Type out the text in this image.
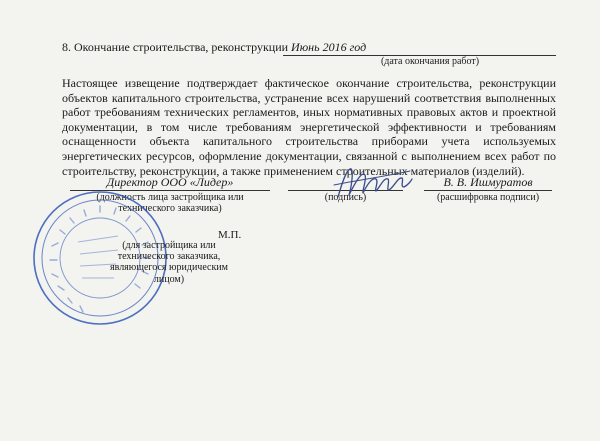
8. Окончание строительства, реконструкции Июнь 2016 год
(дата окончания работ)

Настоящее извещение подтверждает фактическое окончание строительства, реконструкции объектов капитального строительства, устранение всех нарушений соответствия выполненных работ требованиям технических регламентов, иных нормативных правовых актов и проектной документации, в том числе требованиям энергетической эффективности и требованиям оснащенности объекта капитального строительства приборами учета используемых энергетических ресурсов, оформление документации, связанной с выполнением всех работ по строительству, реконструкции, а также применением строительных материалов (изделий).

Директор ООО «Лидер»
(должность лица застройщика или
технического заказчика)
(подпись)
В. В. Ишмуратов
(расшифровка подписи)
М.П.
(для застройщика или
технического заказчика,
являющегося юридическим
лицом)
